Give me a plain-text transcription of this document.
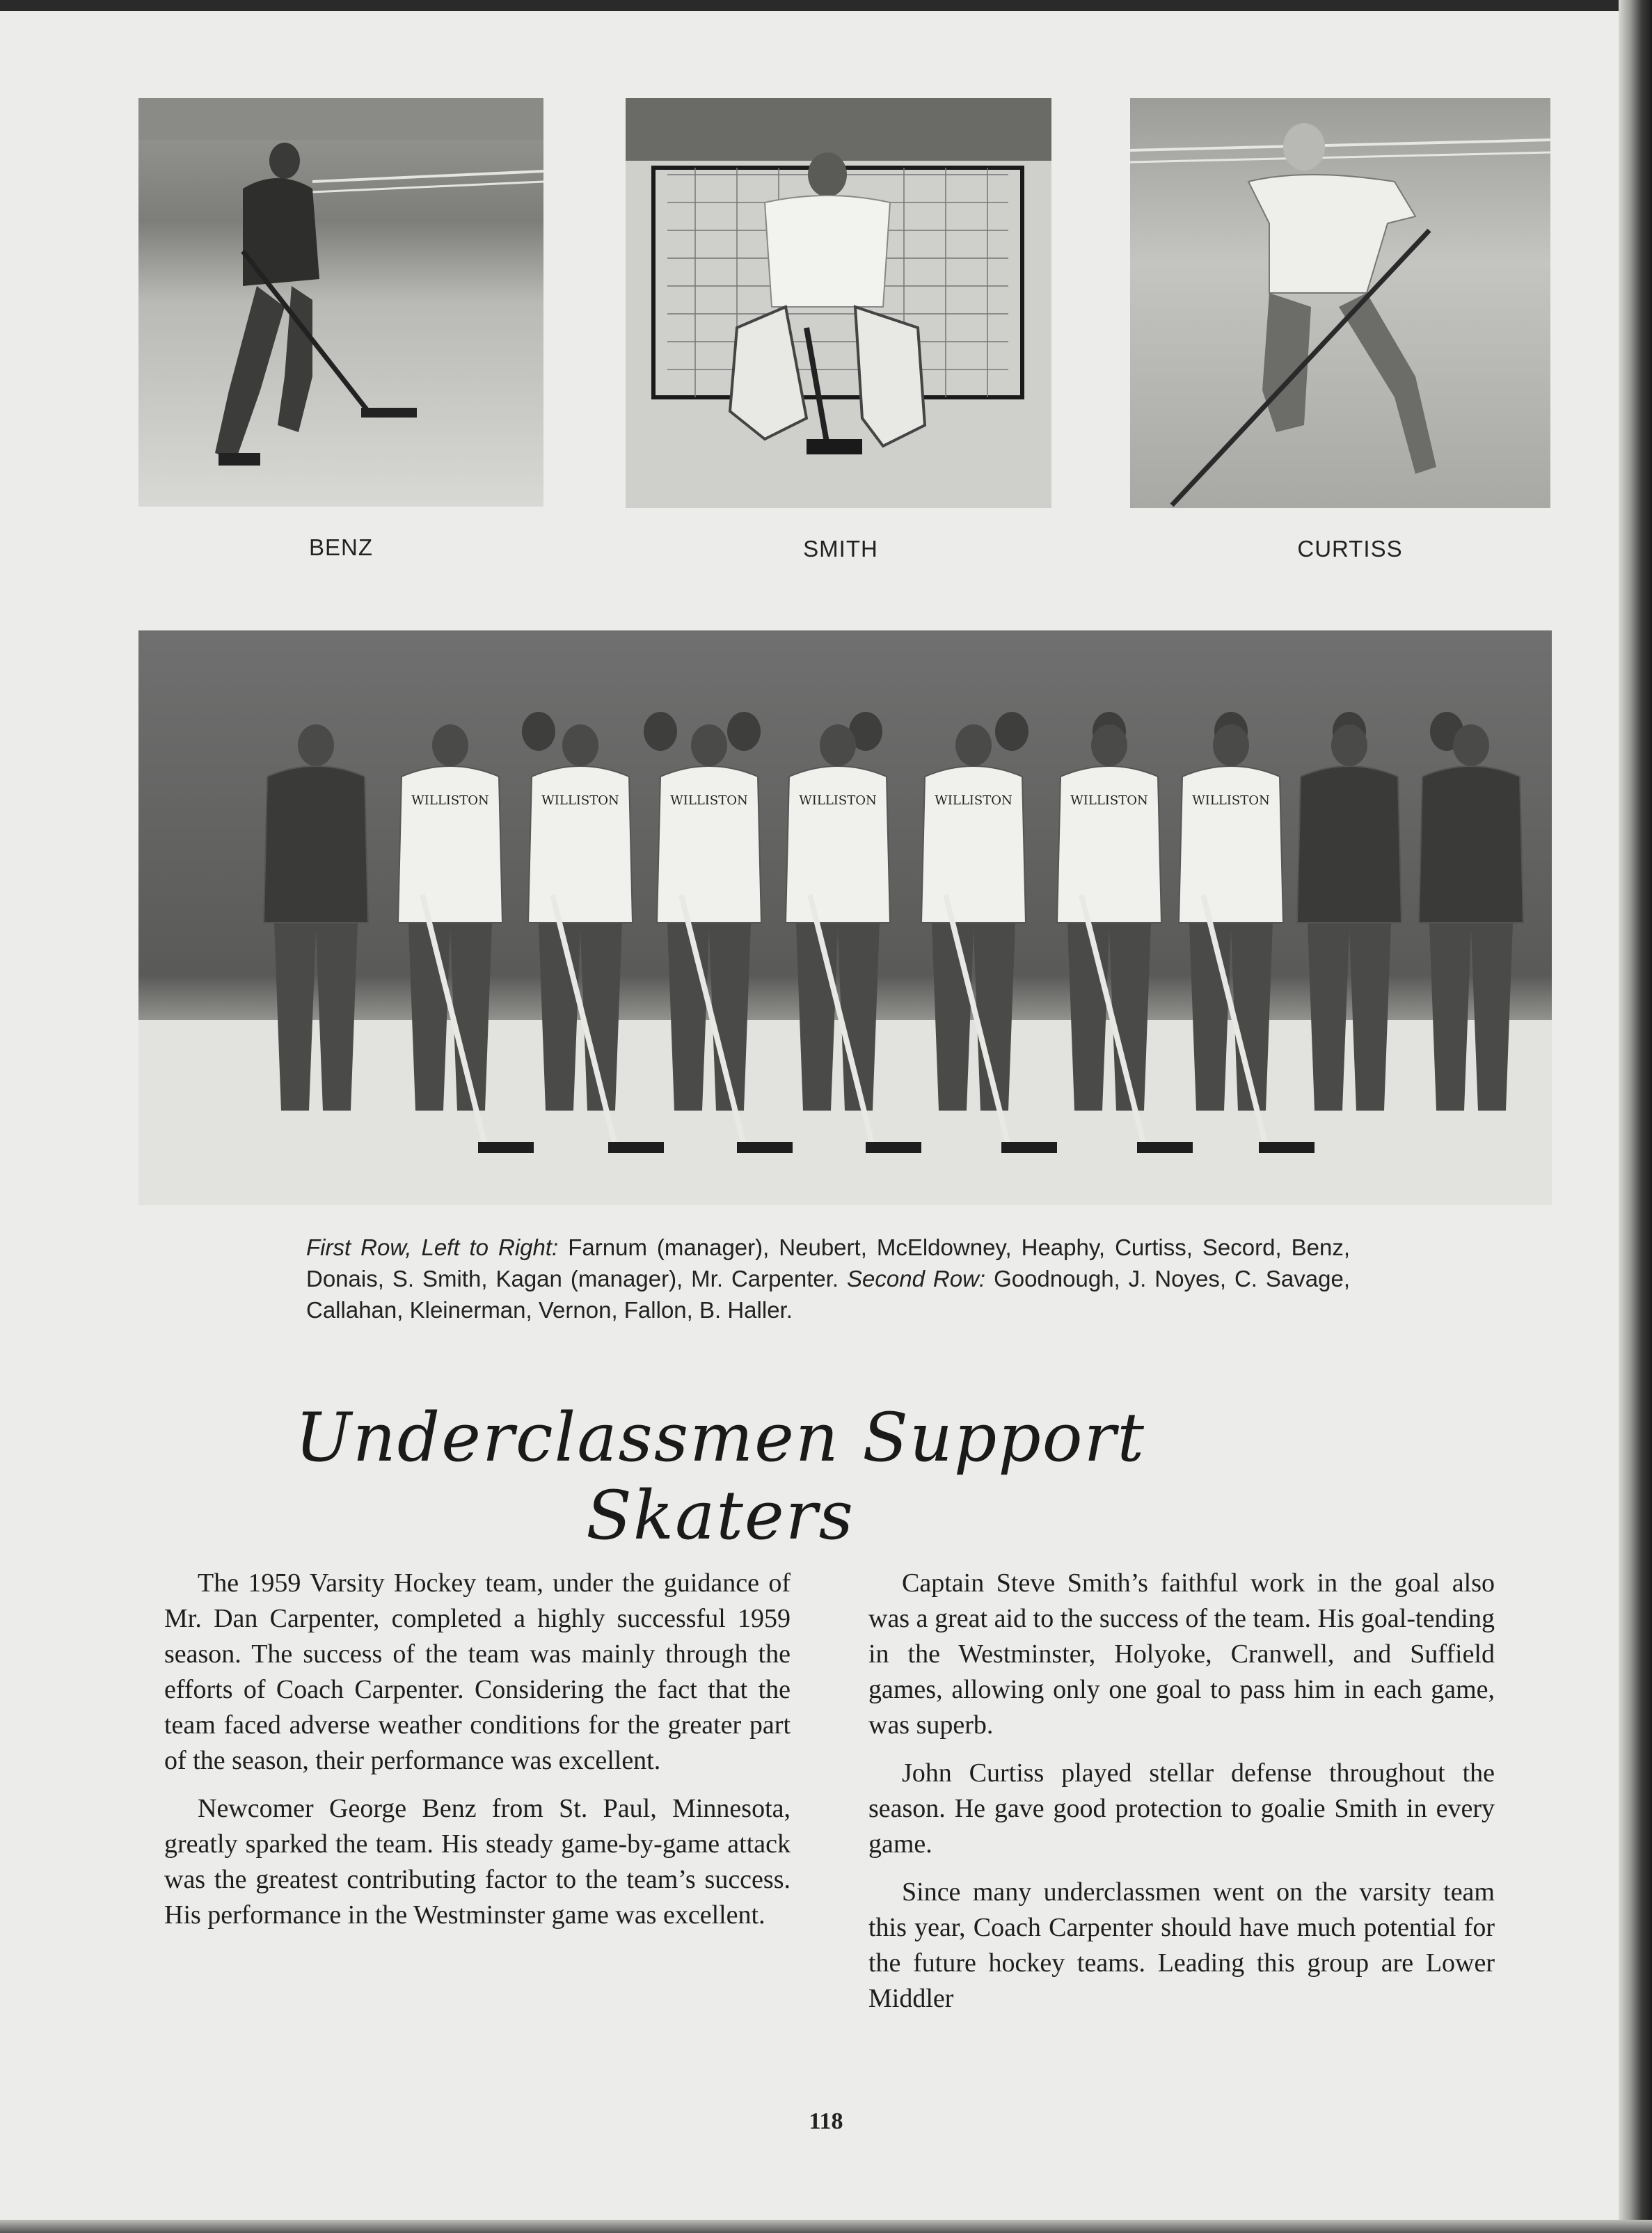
BENZ	SMITH	CURTISS
WILLISTON	WILLISTON	WILLISTON	WILLISTON	WILLISTON	WILLISTON	WILLISTON
First Row, Left to Right: Farnum (manager), Neubert, McEldowney, Heaphy, Curtiss, Secord, Benz, Donais, S. Smith, Kagan (manager), Mr. Carpenter. Second Row: Goodnough, J. Noyes, C. Savage, Callahan, Kleinerman, Vernon, Fallon, B. Haller.
Underclassmen Support Skaters

The 1959 Varsity Hockey team, under the guidance of Mr. Dan Carpenter, completed a highly successful 1959 season. The success of the team was mainly through the efforts of Coach Carpenter. Considering the fact that the team faced adverse weather conditions for the greater part of the season, their performance was excellent.

Newcomer George Benz from St. Paul, Minnesota, greatly sparked the team. His steady game-by-game attack was the greatest contributing factor to the team’s success. His performance in the Westminster game was excellent.

Captain Steve Smith’s faithful work in the goal also was a great aid to the success of the team. His goal-tending in the Westminster, Holyoke, Cranwell, and Suffield games, allowing only one goal to pass him in each game, was superb.

John Curtiss played stellar defense throughout the season. He gave good protection to goalie Smith in every game.

Since many underclassmen went on the varsity team this year, Coach Carpenter should have much potential for the future hockey teams. Leading this group are Lower Middler

118
